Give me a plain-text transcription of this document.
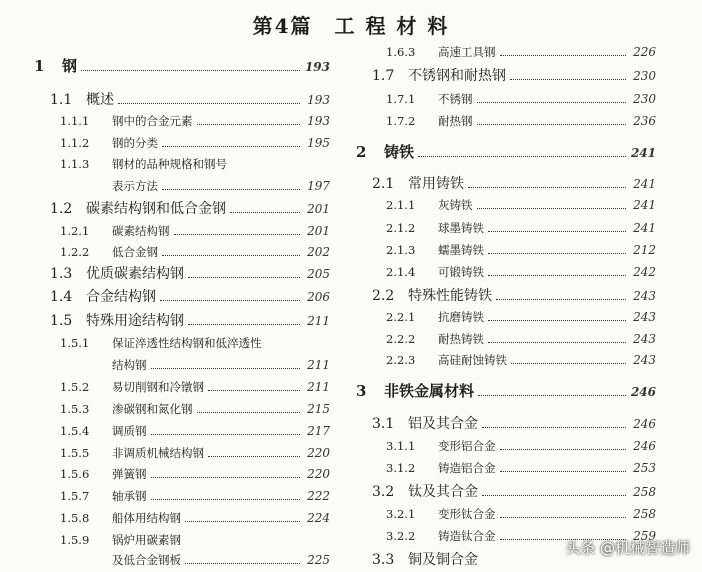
第4篇　工 程 材 料
1	钢	193
1.1 概述	193
1.1.1	钢中的合金元素	193
1.1.2	钢的分类	195
1.1.3	钢材的品种规格和钢号
表示方法	197
1.2 碳素结构钢和低合金钢	201
1.2.1	碳素结构钢	201
1.2.2	低合金钢	202
1.3 优质碳素结构钢	205
1.4 合金结构钢	206
1.5 特殊用途结构钢	211
1.5.1	保证淬透性结构钢和低淬透性
结构钢	211
1.5.2	易切削钢和冷镦钢	211
1.5.3	渗碳钢和氮化钢	215
1.5.4	调质钢	217
1.5.5	非调质机械结构钢	220
1.5.6	弹簧钢	220
1.5.7	轴承钢	222
1.5.8	船体用结构钢	224
1.5.9	锅炉用碳素钢
及低合金钢板	225
1.6.3	高速工具钢	226
1.7 不锈钢和耐热钢	230
1.7.1	不锈钢	230
1.7.2	耐热钢	236
2	铸铁	241
2.1 常用铸铁	241
2.1.1	灰铸铁	241
2.1.2	球墨铸铁	241
2.1.3	蠕墨铸铁	212
2.1.4	可锻铸铁	242
2.2 特殊性能铸铁	243
2.2.1	抗磨铸铁	243
2.2.2	耐热铸铁	243
2.2.3	高硅耐蚀铸铁	243
3	非铁金属材料	246
3.1 铝及其合金	246
3.1.1	变形铝合金	246
3.1.2	铸造铝合金	253
3.2 钛及其合金	258
3.2.1	变形钛合金	258
3.2.2	铸造钛合金	259
3.3 铜及铜合金
头条 @机械智造师
